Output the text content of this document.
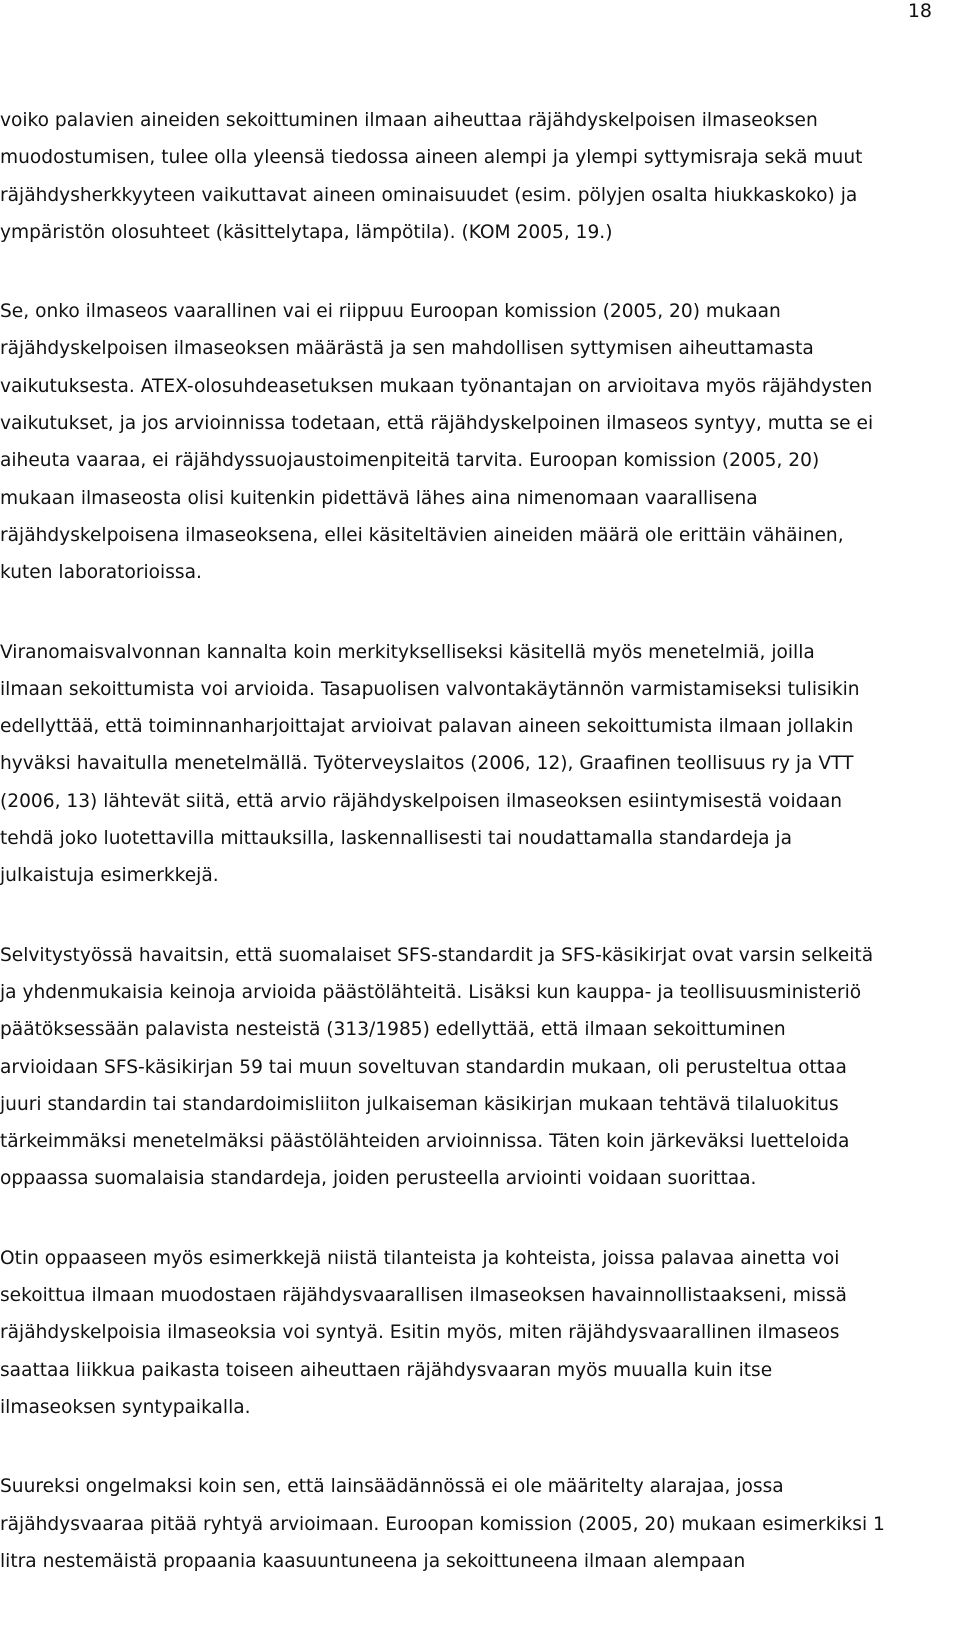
18

voiko palavien aineiden sekoittuminen ilmaan aiheuttaa räjähdyskelpoisen ilmaseoksen
muodostumisen, tulee olla yleensä tiedossa aineen alempi ja ylempi syttymisraja sekä muut
räjähdysherkkyyteen vaikuttavat aineen ominaisuudet (esim. pölyjen osalta hiukkaskoko) ja
ympäristön olosuhteet (käsittelytapa, lämpötila). (KOM 2005, 19.)

Se, onko ilmaseos vaarallinen vai ei riippuu Euroopan komission (2005, 20) mukaan
räjähdyskelpoisen ilmaseoksen määrästä ja sen mahdollisen syttymisen aiheuttamasta
vaikutuksesta. ATEX-olosuhdeasetuksen mukaan työnantajan on arvioitava myös räjähdysten
vaikutukset, ja jos arvioinnissa todetaan, että räjähdyskelpoinen ilmaseos syntyy, mutta se ei
aiheuta vaaraa, ei räjähdyssuojaustoimenpiteitä tarvita. Euroopan komission (2005, 20)
mukaan ilmaseosta olisi kuitenkin pidettävä lähes aina nimenomaan vaarallisena
räjähdyskelpoisena ilmaseoksena, ellei käsiteltävien aineiden määrä ole erittäin vähäinen,
kuten laboratorioissa.

Viranomaisvalvonnan kannalta koin merkitykselliseksi käsitellä myös menetelmiä, joilla
ilmaan sekoittumista voi arvioida. Tasapuolisen valvontakäytännön varmistamiseksi tulisikin
edellyttää, että toiminnanharjoittajat arvioivat palavan aineen sekoittumista ilmaan jollakin
hyväksi havaitulla menetelmällä. Työterveyslaitos (2006, 12), Graafinen teollisuus ry ja VTT
(2006, 13) lähtevät siitä, että arvio räjähdyskelpoisen ilmaseoksen esiintymisestä voidaan
tehdä joko luotettavilla mittauksilla, laskennallisesti tai noudattamalla standardeja ja
julkaistuja esimerkkejä.

Selvitystyössä havaitsin, että suomalaiset SFS-standardit ja SFS-käsikirjat ovat varsin selkeitä
ja yhdenmukaisia keinoja arvioida päästölähteitä. Lisäksi kun kauppa- ja teollisuusministeriö
päätöksessään palavista nesteistä (313/1985) edellyttää, että ilmaan sekoittuminen
arvioidaan SFS-käsikirjan 59 tai muun soveltuvan standardin mukaan, oli perusteltua ottaa
juuri standardin tai standardoimisliiton julkaiseman käsikirjan mukaan tehtävä tilaluokitus
tärkeimmäksi menetelmäksi päästölähteiden arvioinnissa. Täten koin järkeväksi luetteloida
oppaassa suomalaisia standardeja, joiden perusteella arviointi voidaan suorittaa.

Otin oppaaseen myös esimerkkejä niistä tilanteista ja kohteista, joissa palavaa ainetta voi
sekoittua ilmaan muodostaen räjähdysvaarallisen ilmaseoksen havainnollistaakseni, missä
räjähdyskelpoisia ilmaseoksia voi syntyä. Esitin myös, miten räjähdysvaarallinen ilmaseos
saattaa liikkua paikasta toiseen aiheuttaen räjähdysvaaran myös muualla kuin itse
ilmaseoksen syntypaikalla.

Suureksi ongelmaksi koin sen, että lainsäädännössä ei ole määritelty alarajaa, jossa
räjähdysvaaraa pitää ryhtyä arvioimaan. Euroopan komission (2005, 20) mukaan esimerkiksi 1
litra nestemäistä propaania kaasuuntuneena ja sekoittuneena ilmaan alempaan
